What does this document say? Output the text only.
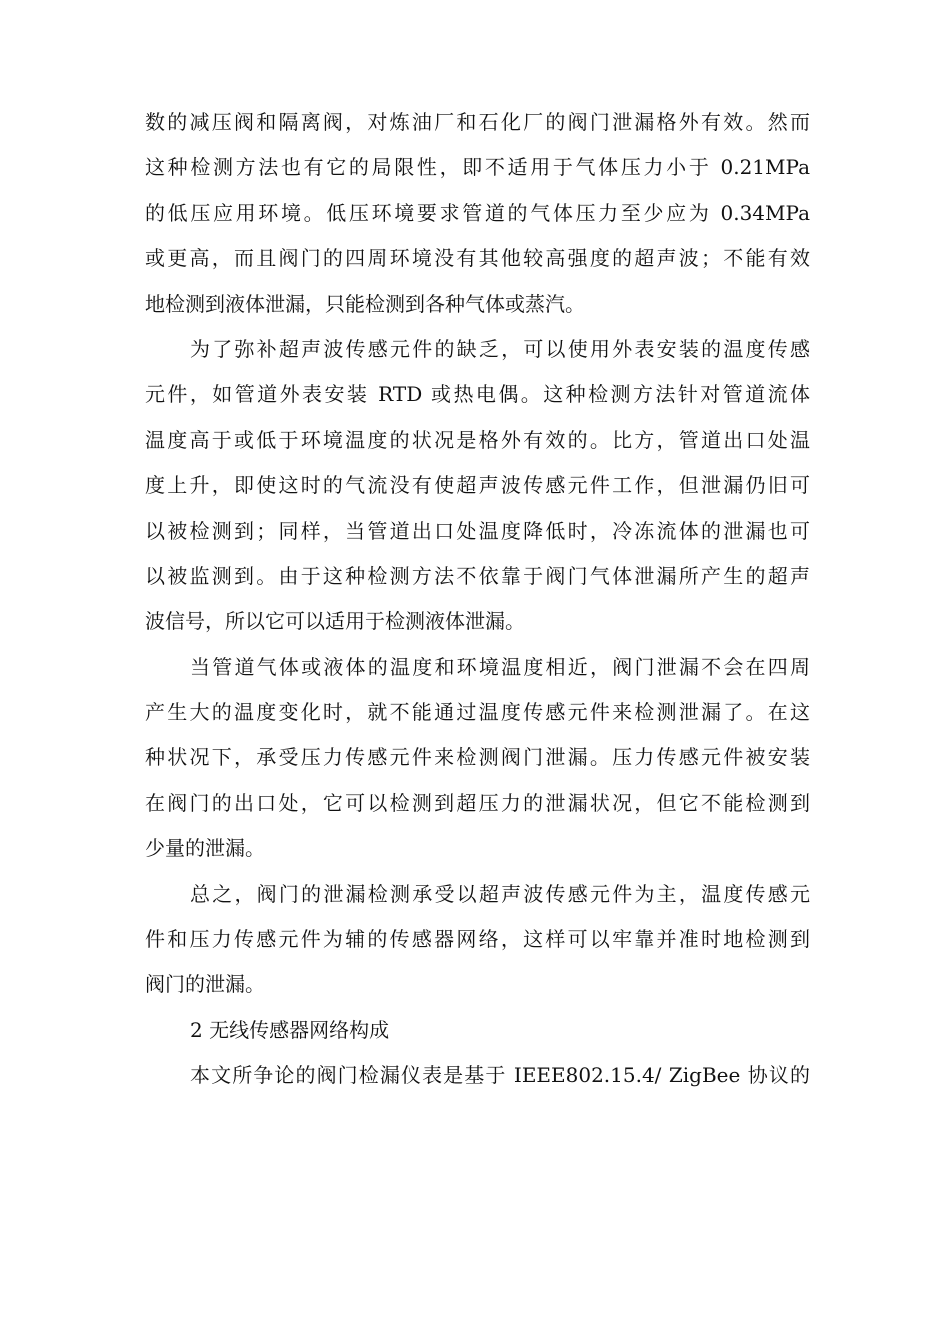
数的减压阀和隔离阀，对炼油厂和石化厂的阀门泄漏格外有效。然而
这种检测方法也有它的局限性，即不适用于气体压力小于 0.21MPa
的低压应用环境。低压环境要求管道的气体压力至少应为 0.34MPa
或更高，而且阀门的四周环境没有其他较高强度的超声波；不能有效
地检测到液体泄漏，只能检测到各种气体或蒸汽。
为了弥补超声波传感元件的缺乏，可以使用外表安装的温度传感
元件，如管道外表安装 RTD 或热电偶。这种检测方法针对管道流体
温度高于或低于环境温度的状况是格外有效的。比方，管道出口处温
度上升，即使这时的气流没有使超声波传感元件工作，但泄漏仍旧可
以被检测到；同样，当管道出口处温度降低时，冷冻流体的泄漏也可
以被监测到。由于这种检测方法不依靠于阀门气体泄漏所产生的超声
波信号，所以它可以适用于检测液体泄漏。
当管道气体或液体的温度和环境温度相近，阀门泄漏不会在四周
产生大的温度变化时，就不能通过温度传感元件来检测泄漏了。在这
种状况下，承受压力传感元件来检测阀门泄漏。压力传感元件被安装
在阀门的出口处，它可以检测到超压力的泄漏状况，但它不能检测到
少量的泄漏。
总之，阀门的泄漏检测承受以超声波传感元件为主，温度传感元
件和压力传感元件为辅的传感器网络，这样可以牢靠并准时地检测到
阀门的泄漏。
2 无线传感器网络构成
本文所争论的阀门检漏仪表是基于 IEEE802.15.4/ ZigBee 协议的
